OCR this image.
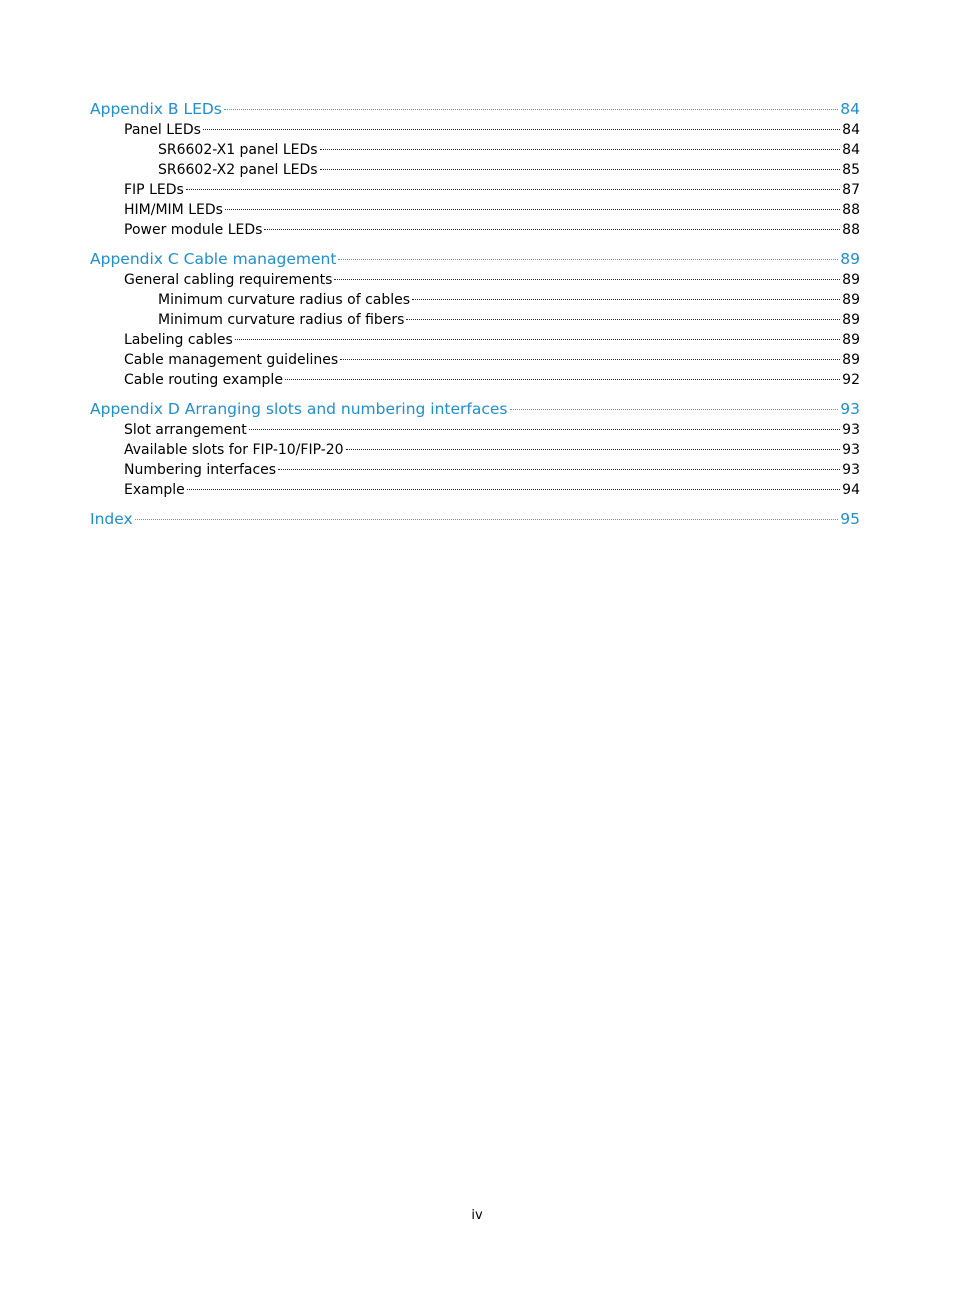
Appendix B LEDs	84
Panel LEDs	84
SR6602-X1 panel LEDs	84
SR6602-X2 panel LEDs	85
FIP LEDs	87
HIM/MIM LEDs	88
Power module LEDs	88
Appendix C Cable management	89
General cabling requirements	89
Minimum curvature radius of cables	89
Minimum curvature radius of fibers	89
Labeling cables	89
Cable management guidelines	89
Cable routing example	92
Appendix D Arranging slots and numbering interfaces	93
Slot arrangement	93
Available slots for FIP-10/FIP-20	93
Numbering interfaces	93
Example	94
Index	95
iv
